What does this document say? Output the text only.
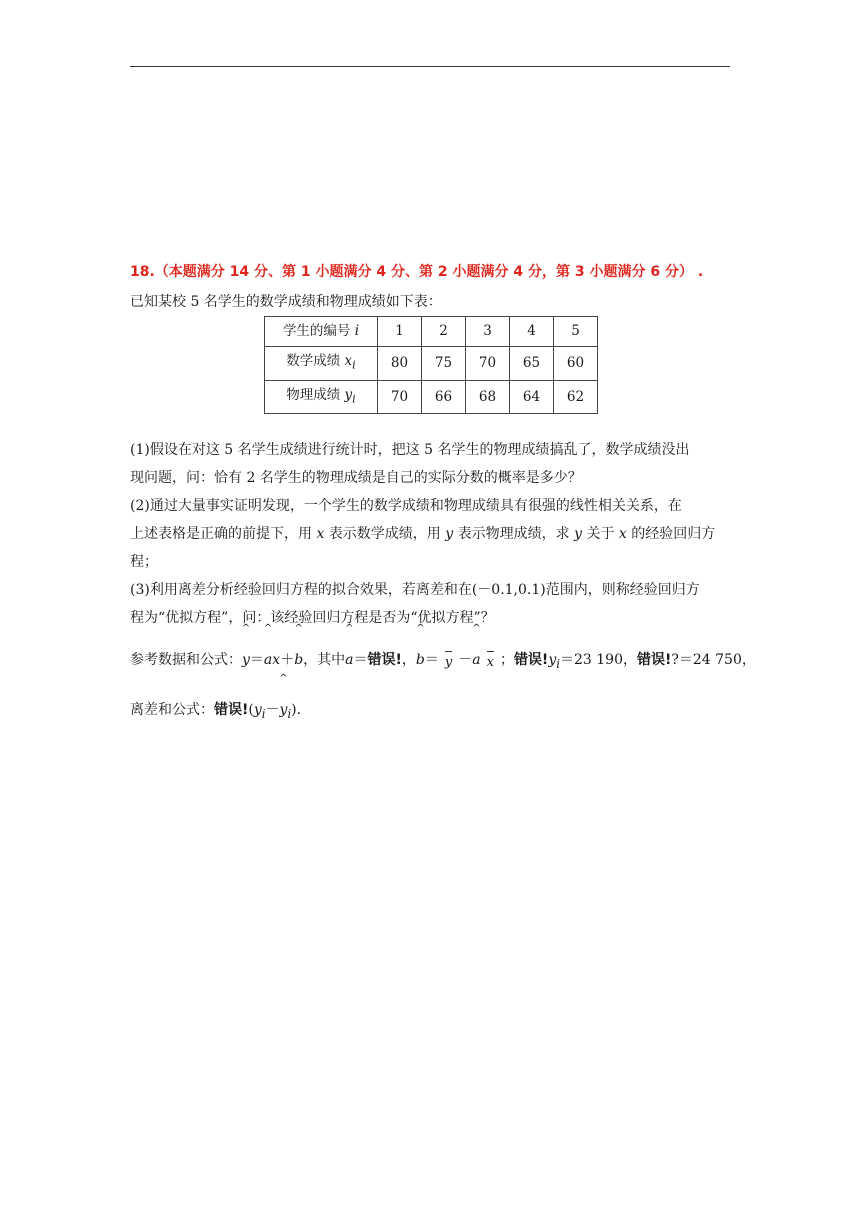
18.（本题满分 14 分、第 1 小题满分 4 分、第 2 小题满分 4 分，第 3 小题满分 6 分） .
已知某校 5 名学生的数学成绩和物理成绩如下表：
学生的编号 i	1	2	3	4	5
数学成绩 $x_i$	80	75	70	65	60
物理成绩 $y_i$	70	66	68	64	62
(1)假设在对这 5 名学生成绩进行统计时，把这 5 名学生的物理成绩搞乱了，数学成绩没出
现问题，问：恰有 2 名学生的物理成绩是自己的实际分数的概率是多少？
(2)通过大量事实证明发现，一个学生的数学成绩和物理成绩具有很强的线性相关关系，在
上述表格是正确的前提下，用 x 表示数学成绩，用 y 表示物理成绩，求 y 关于 x 的经验回归方
程；
(3)利用离差分析经验回归方程的拟合效果，若离差和在(－0.1,0.1)范围内，则称经验回归方
程为“优拟方程”，问：该经验回归方程是否为“优拟方程”？
参考数据和公式：^ y＝^ ax＋^ b，其中^ a＝错误!，^ b＝ y －^ a x ；错误$!y_i=23$ 190，错误!?＝24 750，
离差和公式：错误$!(y_i-\^{}$ $y_i$).
